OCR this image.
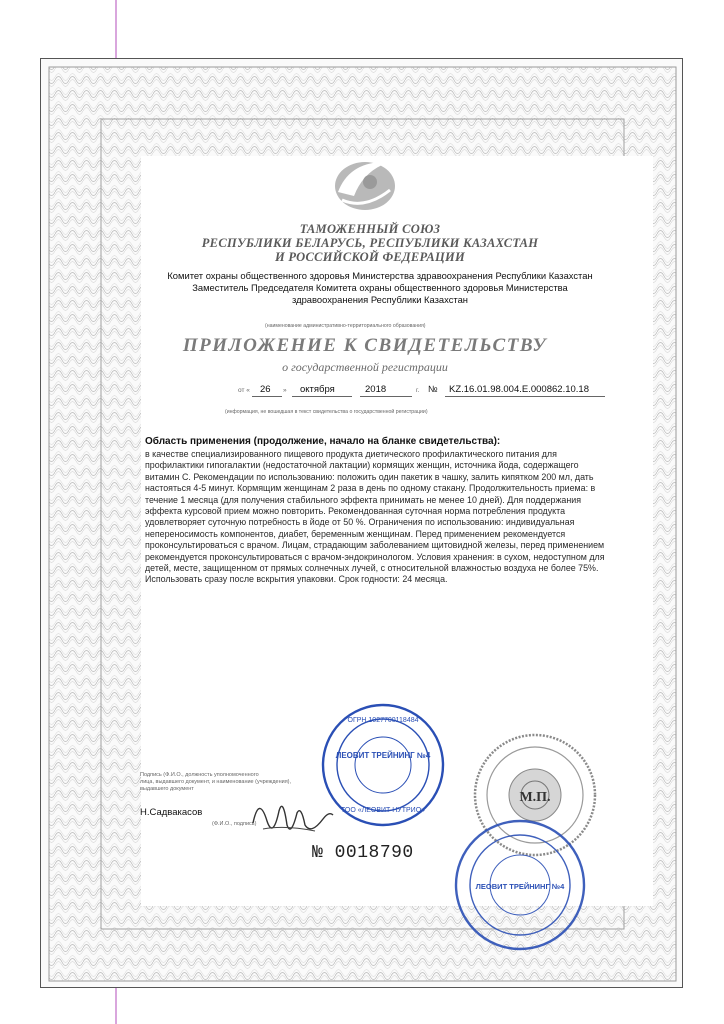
ТАМОЖЕННЫЙ СОЮЗ
РЕСПУБЛИКИ БЕЛАРУСЬ, РЕСПУБЛИКИ КАЗАХСТАН
И РОССИЙСКОЙ ФЕДЕРАЦИИ
Комитет охраны общественного здоровья Министерства здравоохранения Республики Казахстан
Заместитель Председателя Комитета охраны общественного здоровья Министерства
здравоохранения Республики Казахстан
(наименование административно-территориального образования)
ПРИЛОЖЕНИЕ К СВИДЕТЕЛЬСТВУ
о государственной регистрации
от « 26 » октября	2018	г. № KZ.16.01.98.004.E.000862.10.18
(информация, не вошедшая в текст свидетельства о государственной регистрации)
Область применения (продолжение, начало на бланке свидетельства):
в качестве специализированного пищевого продукта диетического профилактического питания для профилактики гипогалактии (недостаточной лактации) кормящих женщин, источника йода, содержащего витамин С. Рекомендации по использованию: положить один пакетик в чашку, залить кипятком 200 мл, дать настояться 4-5 минут. Кормящим женщинам 2 раза в день по одному стакану. Продолжительность приема: в течение 1 месяца (для получения стабильного эффекта принимать не менее 10 дней). Для поддержания эффекта курсовой прием можно повторить. Рекомендованная суточная норма потребления продукта удовлетворяет суточную потребность в йоде от 50 %. Ограничения по использованию: индивидуальная непереносимость компонентов, диабет, беременным женщинам. Перед применением рекомендуется проконсультироваться с врачом. Лицам, страдающим заболеванием щитовидной железы, перед применением рекомендуется проконсультироваться с врачом-эндокринологом. Условия хранения: в сухом, недоступном для детей, месте, защищенном от прямых солнечных лучей, с относительной влажностью воздуха не более 75%. Использовать сразу после вскрытия упаковки. Срок годности: 24 месяца.
Подпись (Ф.И.О., должность уполномоченного
лица, выдавшего документ, и наименование (учреждения),
выдавшего документ
Н.Садвакасов
(Ф.И.О., подпись)
№ 0018790
М.П.
ОГРН 1027700118484
ЛЕОВИТ ТРЕЙНИНГ №4
ТОО «ЛЕОВИТ НУТРИО»
ЛЕОВИТ ТРЕЙНИНГ №4
